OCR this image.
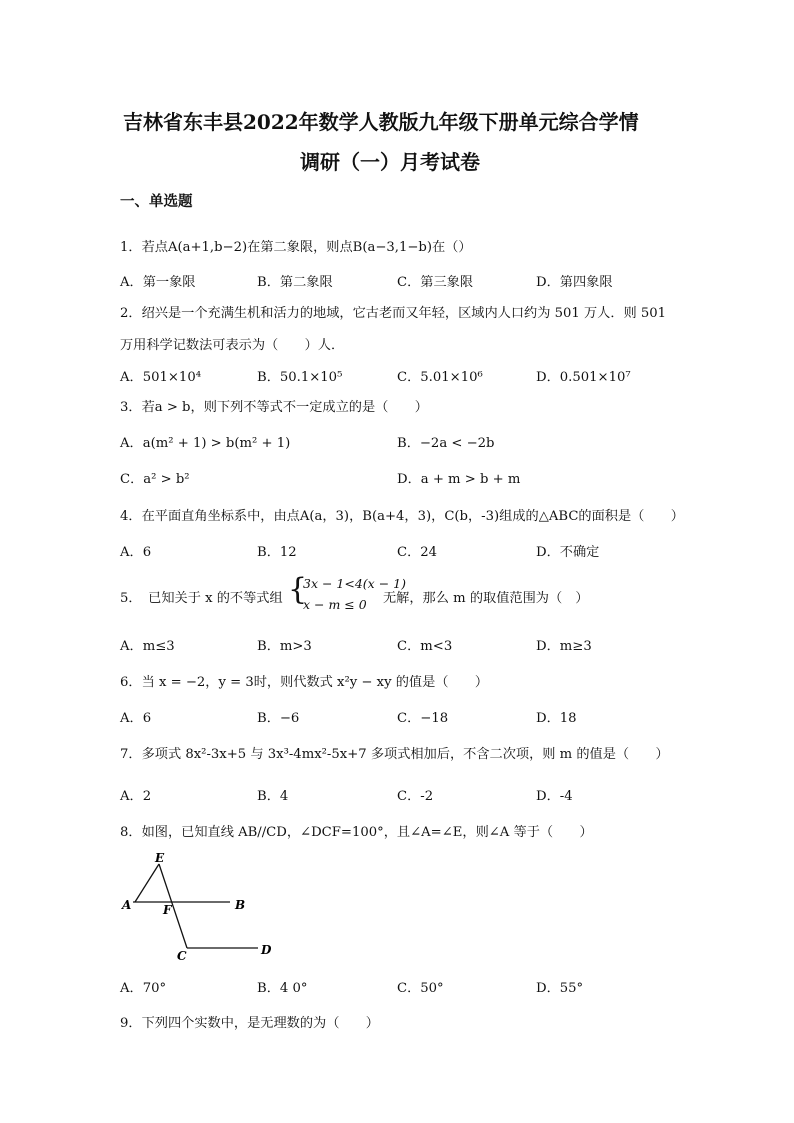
吉林省东丰县2022年数学人教版九年级下册单元综合学情
调研（一）月考试卷
一、单选题
1．若点A(a+1,b−2)在第二象限，则点B(a−3,1−b)在（）
A．第一象限	B．第二象限	C．第三象限	D．第四象限
2．绍兴是一个充满生机和活力的地域，它古老而又年轻，区域内人口约为 501 万人．则 501
万用科学记数法可表示为（　　）人．
A．501×10⁴	B．50.1×10⁵	C．5.01×10⁶	D．0.501×10⁷
3．若a > b，则下列不等式不一定成立的是（　　）
A．a(m² + 1) > b(m² + 1)	B．−2a < −2b
C．a² > b²	D．a + m > b + m
4．在平面直角坐标系中，由点A(a，3)，B(a+4，3)，C(b，-3)组成的△ABC的面积是（　　）
A．6	B．12	C．24	D．不确定
5．　已知关于 x 的不等式组 {
3x − 1<4(x − 1)
x − m ≤ 0 无解，那么 m 的取值范围为（　）
A．m≤3	B．m>3	C．m<3	D．m≥3
6．当 x = −2，y = 3时，则代数式 x²y − xy 的值是（　　）
A．6	B．−6	C．−18	D．18
7．多项式 8x²-3x+5 与 3x³-4mx²-5x+7 多项式相加后，不含二次项，则 m 的值是（　　）
A．2	B．4	C．-2	D．-4
8．如图，已知直线 AB//CD，∠DCF=100°，且∠A=∠E，则∠A 等于（　　）
E
A	F	B
C	D
A．70°	B．4 0°	C．50°	D．55°
9．下列四个实数中，是无理数的为（　　）
